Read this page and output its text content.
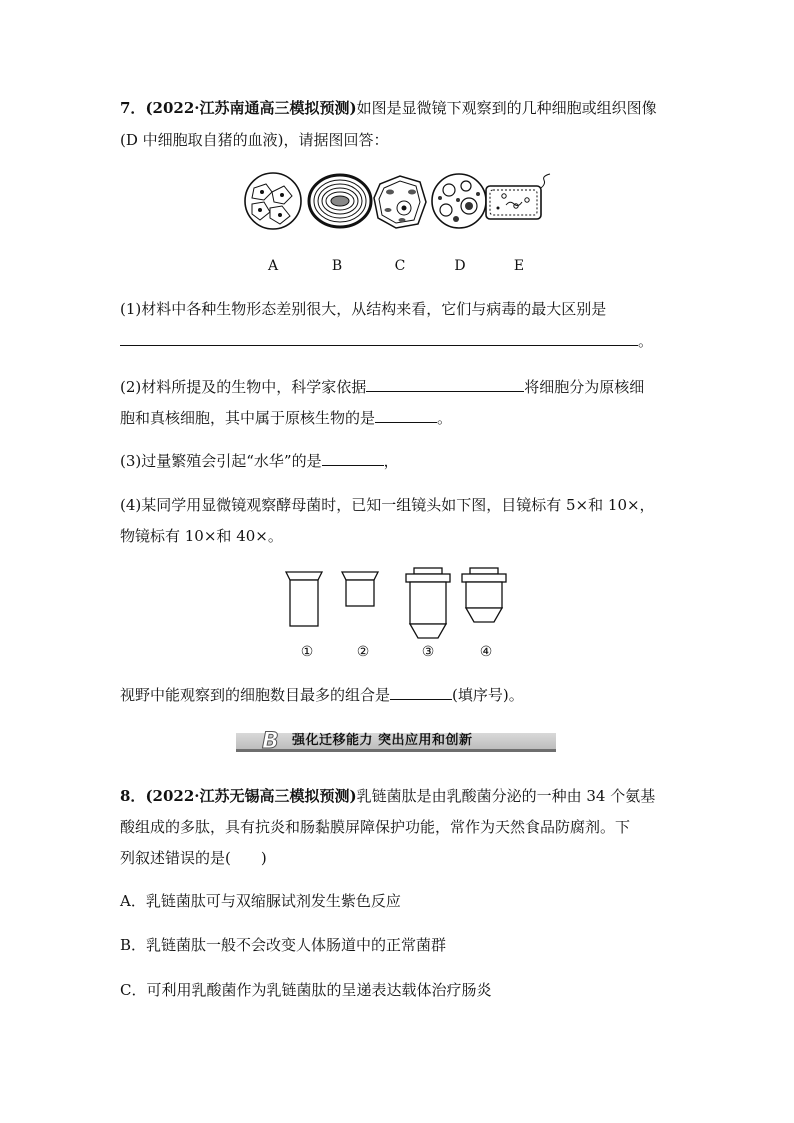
7．(2022·江苏南通高三模拟预测)如图是显微镜下观察到的几种细胞或组织图像
(D 中细胞取自猪的血液)，请据图回答：
A	B	C	D	E
(1)材料中各种生物形态差别很大，从结构来看，它们与病毒的最大区别是
。
(2)材料所提及的生物中，科学家依据	将细胞分为原核细
胞和真核细胞，其中属于原核生物的是	。
(3)过量繁殖会引起“水华”的是	，
(4)某同学用显微镜观察酵母菌时，已知一组镜头如下图，目镜标有 5×和 10×，
物镜标有 10×和 40×。
①	②	③	④
视野中能观察到的细胞数目最多的组合是	(填序号)。
B 强化迁移能力 突出应用和创新
8．(2022·江苏无锡高三模拟预测)乳链菌肽是由乳酸菌分泌的一种由 34 个氨基
酸组成的多肽，具有抗炎和肠黏膜屏障保护功能，常作为天然食品防腐剂。下
列叙述错误的是(　　)
A．乳链菌肽可与双缩脲试剂发生紫色反应
B．乳链菌肽一般不会改变人体肠道中的正常菌群
C．可利用乳酸菌作为乳链菌肽的呈递表达载体治疗肠炎
